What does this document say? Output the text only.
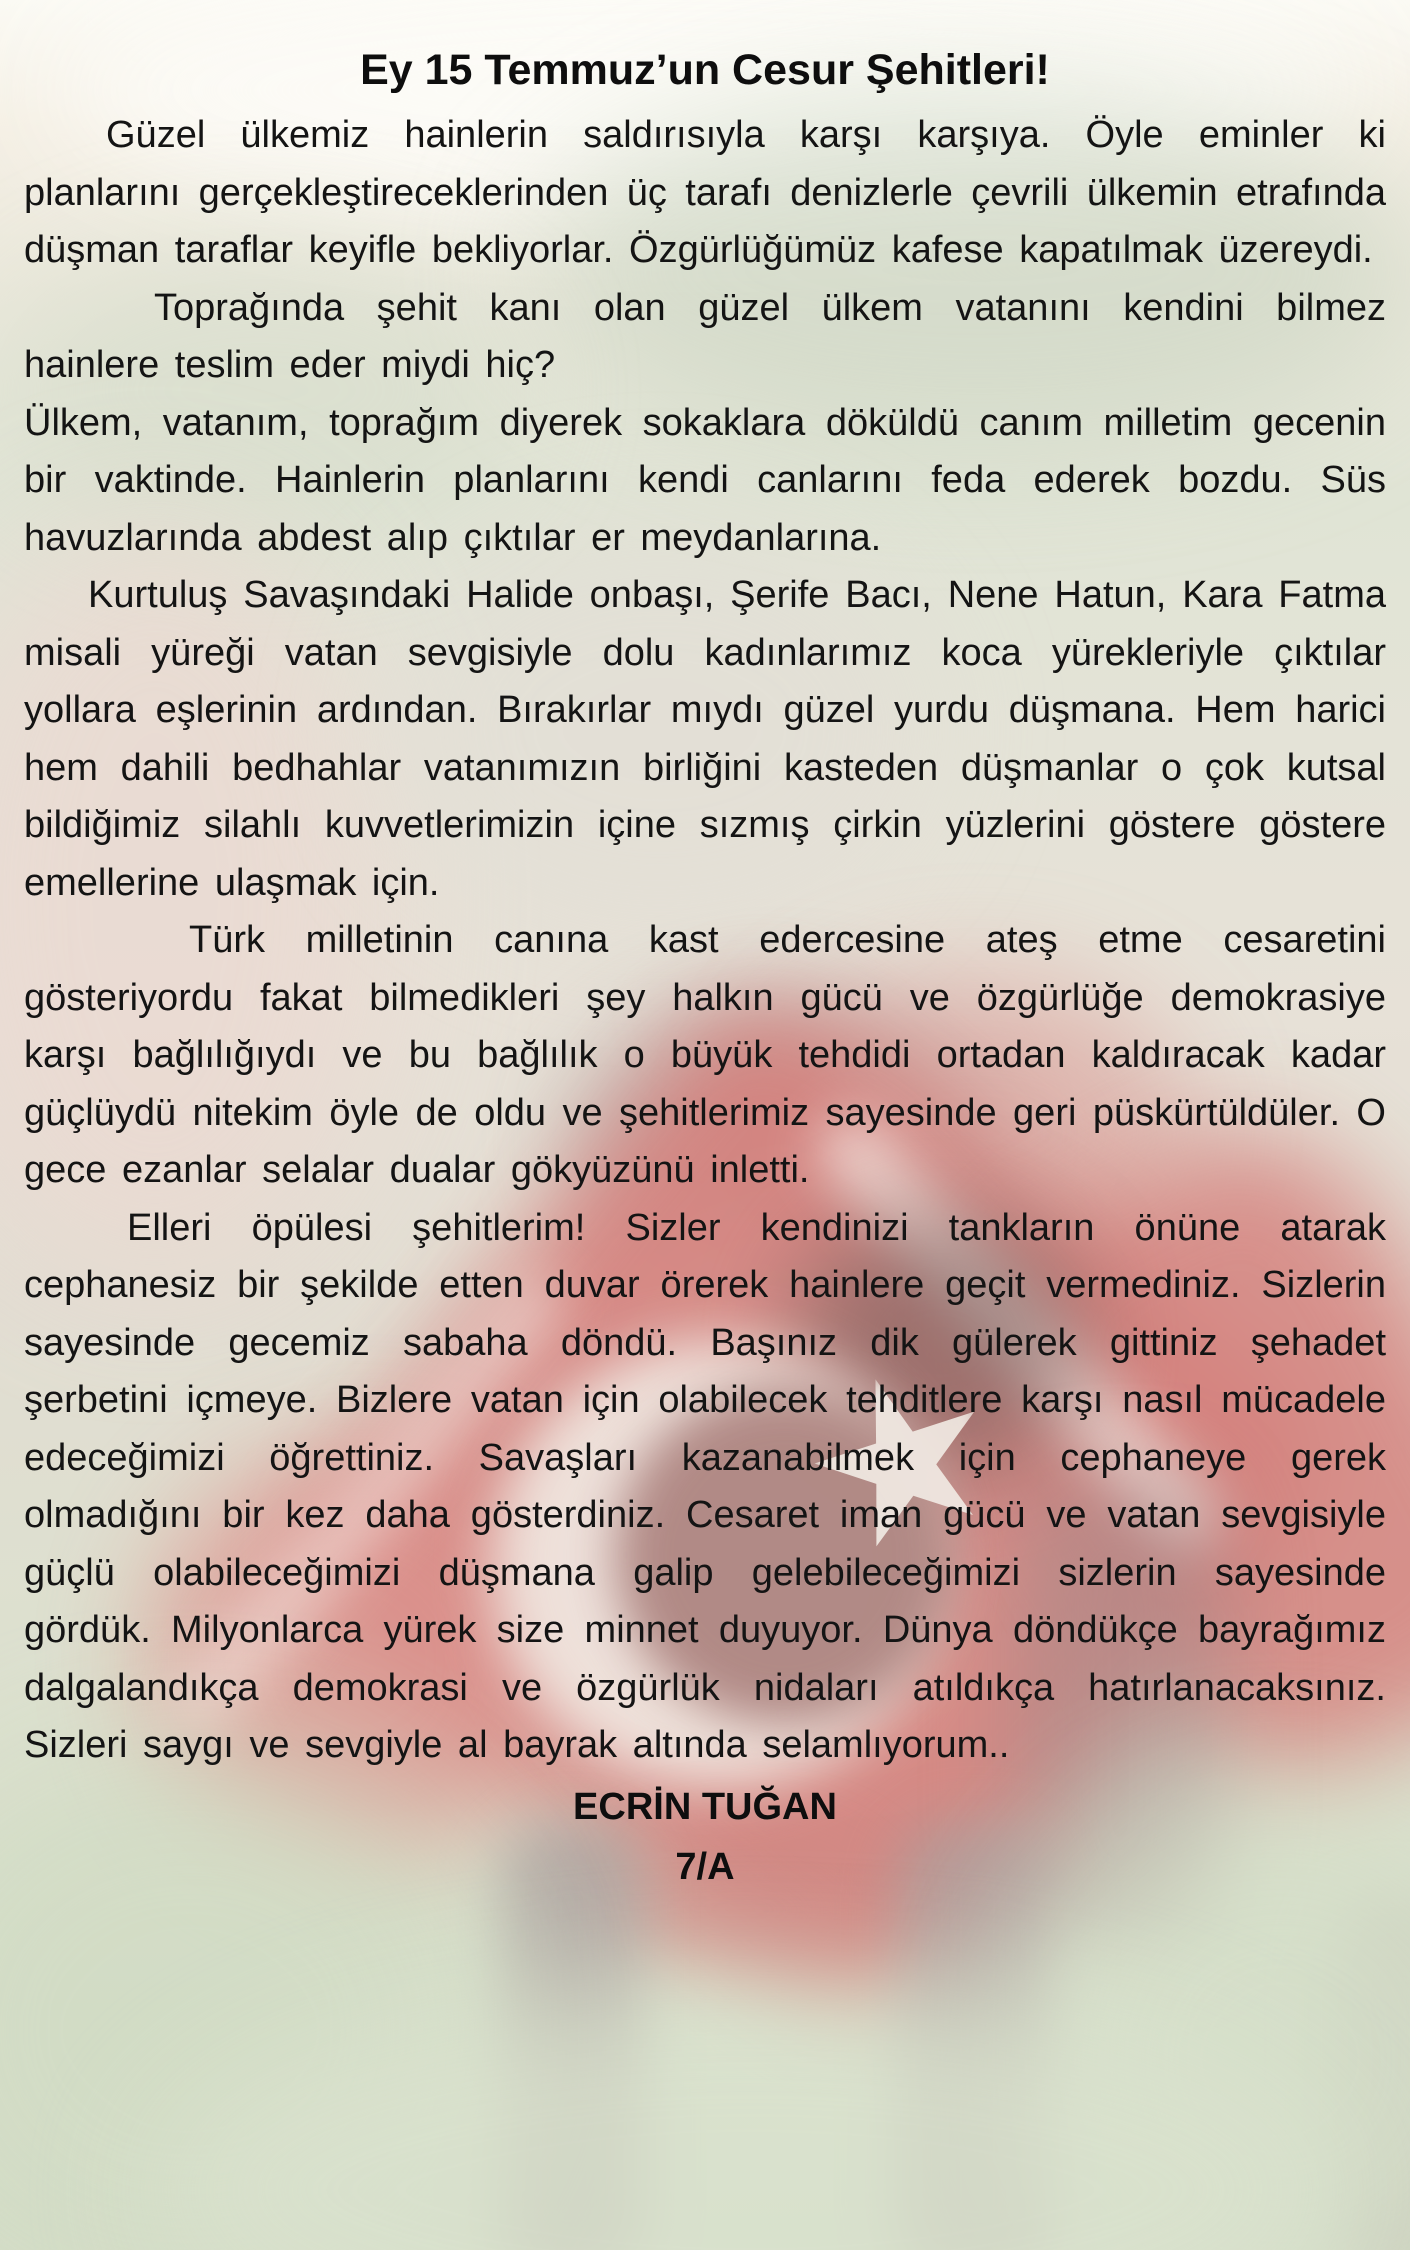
Ey 15 Temmuz’un Cesur Şehitleri!

Güzel ülkemiz hainlerin saldırısıyla karşı karşıya. Öyle eminler ki planlarını gerçekleştireceklerinden üç tarafı denizlerle çevrili ülkemin etrafında düşman taraflar keyifle bekliyorlar. Özgürlüğümüz kafese kapatılmak üzereydi.

Toprağında şehit kanı olan güzel ülkem vatanını kendini bilmez hainlere teslim eder miydi hiç?

Ülkem, vatanım, toprağım diyerek sokaklara döküldü canım milletim gecenin bir vaktinde. Hainlerin planlarını kendi canlarını feda ederek bozdu. Süs havuzlarında abdest alıp çıktılar er meydanlarına.

Kurtuluş Savaşındaki Halide onbaşı, Şerife Bacı, Nene Hatun, Kara Fatma misali yüreği vatan sevgisiyle dolu kadınlarımız koca yürekleriyle çıktılar yollara eşlerinin ardından. Bırakırlar mıydı güzel yurdu düşmana. Hem harici hem dahili bedhahlar vatanımızın birliğini kasteden düşmanlar o çok kutsal bildiğimiz silahlı kuvvetlerimizin içine sızmış çirkin yüzlerini göstere göstere emellerine ulaşmak için.

Türk milletinin canına kast edercesine ateş etme cesaretini gösteriyordu fakat bilmedikleri şey halkın gücü ve özgürlüğe demokrasiye karşı bağlılığıydı ve bu bağlılık o büyük tehdidi ortadan kaldıracak kadar güçlüydü nitekim öyle de oldu ve şehitlerimiz sayesinde geri püskürtüldüler. O gece ezanlar selalar dualar gökyüzünü inletti.

Elleri öpülesi şehitlerim! Sizler kendinizi tankların önüne atarak cephanesiz bir şekilde etten duvar örerek hainlere geçit vermediniz. Sizlerin sayesinde gecemiz sabaha döndü. Başınız dik gülerek gittiniz şehadet şerbetini içmeye. Bizlere vatan için olabilecek tehditlere karşı nasıl mücadele edeceğimizi öğrettiniz. Savaşları kazanabilmek için cephaneye gerek olmadığını bir kez daha gösterdiniz. Cesaret iman gücü ve vatan sevgisiyle güçlü olabileceğimizi düşmana galip gelebileceğimizi sizlerin sayesinde gördük. Milyonlarca yürek size minnet duyuyor. Dünya döndükçe bayrağımız dalgalandıkça demokrasi ve özgürlük nidaları atıldıkça hatırlanacaksınız. Sizleri saygı ve sevgiyle al bayrak altında selamlıyorum..

ECRİN TUĞAN
7/A
